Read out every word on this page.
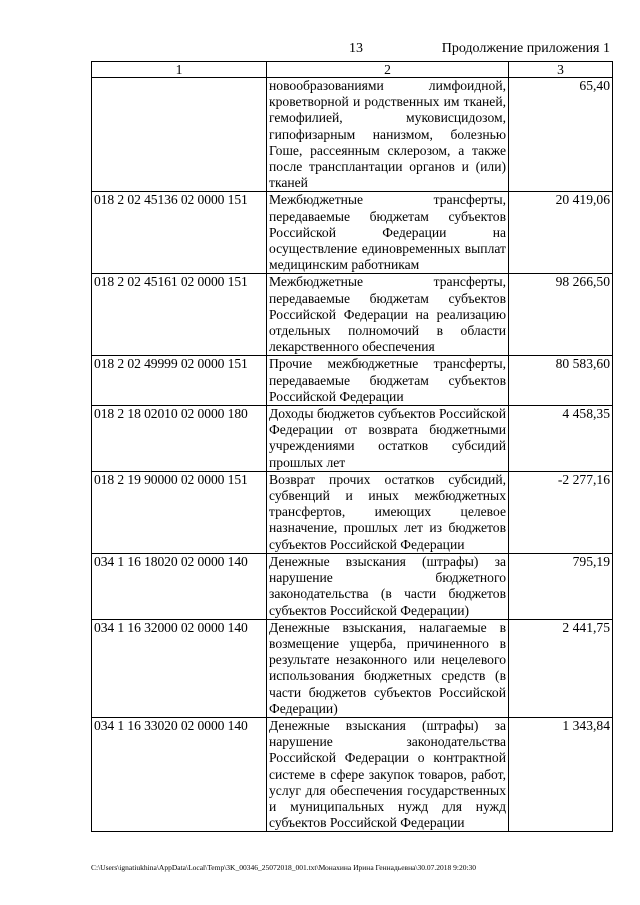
13	Продолжение приложения 1
1	2	3
	новообразованиями лимфоидной, кроветворной и родственных им тканей, гемофилией, муковисцидозом, гипофизарным нанизмом, болезнью Гоше, рассеянным склерозом, а также после трансплантации органов и (или) тканей	65,40
018 2 02 45136 02 0000 151	Межбюджетные трансферты, передаваемые бюджетам субъектов Российской Федерации на осуществление единовременных выплат медицинским работникам	20 419,06
018 2 02 45161 02 0000 151	Межбюджетные трансферты, передаваемые бюджетам субъектов Российской Федерации на реализацию отдельных полномочий в области лекарственного обеспечения	98 266,50
018 2 02 49999 02 0000 151	Прочие межбюджетные трансферты, передаваемые бюджетам субъектов Российской Федерации	80 583,60
018 2 18 02010 02 0000 180	Доходы бюджетов субъектов Российской Федерации от возврата бюджетными учреждениями остатков субсидий прошлых лет	4 458,35
018 2 19 90000 02 0000 151	Возврат прочих остатков субсидий, субвенций и иных межбюджетных трансфертов, имеющих целевое назначение, прошлых лет из бюджетов субъектов Российской Федерации	-2 277,16
034 1 16 18020 02 0000 140	Денежные взыскания (штрафы) за нарушение бюджетного законодательства (в части бюджетов субъектов Российской Федерации)	795,19
034 1 16 32000 02 0000 140	Денежные взыскания, налагаемые в возмещение ущерба, причиненного в результате незаконного или нецелевого использования бюджетных средств (в части бюджетов субъектов Российской Федерации)	2 441,75
034 1 16 33020 02 0000 140	Денежные взыскания (штрафы) за нарушение законодательства Российской Федерации о контрактной системе в сфере закупок товаров, работ, услуг для обеспечения государственных и муниципальных нужд для нужд субъектов Российской Федерации	1 343,84
C:\Users\ignatiukhina\AppData\Local\Temp\3K_00346_25072018_001.txt\Монахина Ирина Геннадьевна\30.07.2018 9:20:30
